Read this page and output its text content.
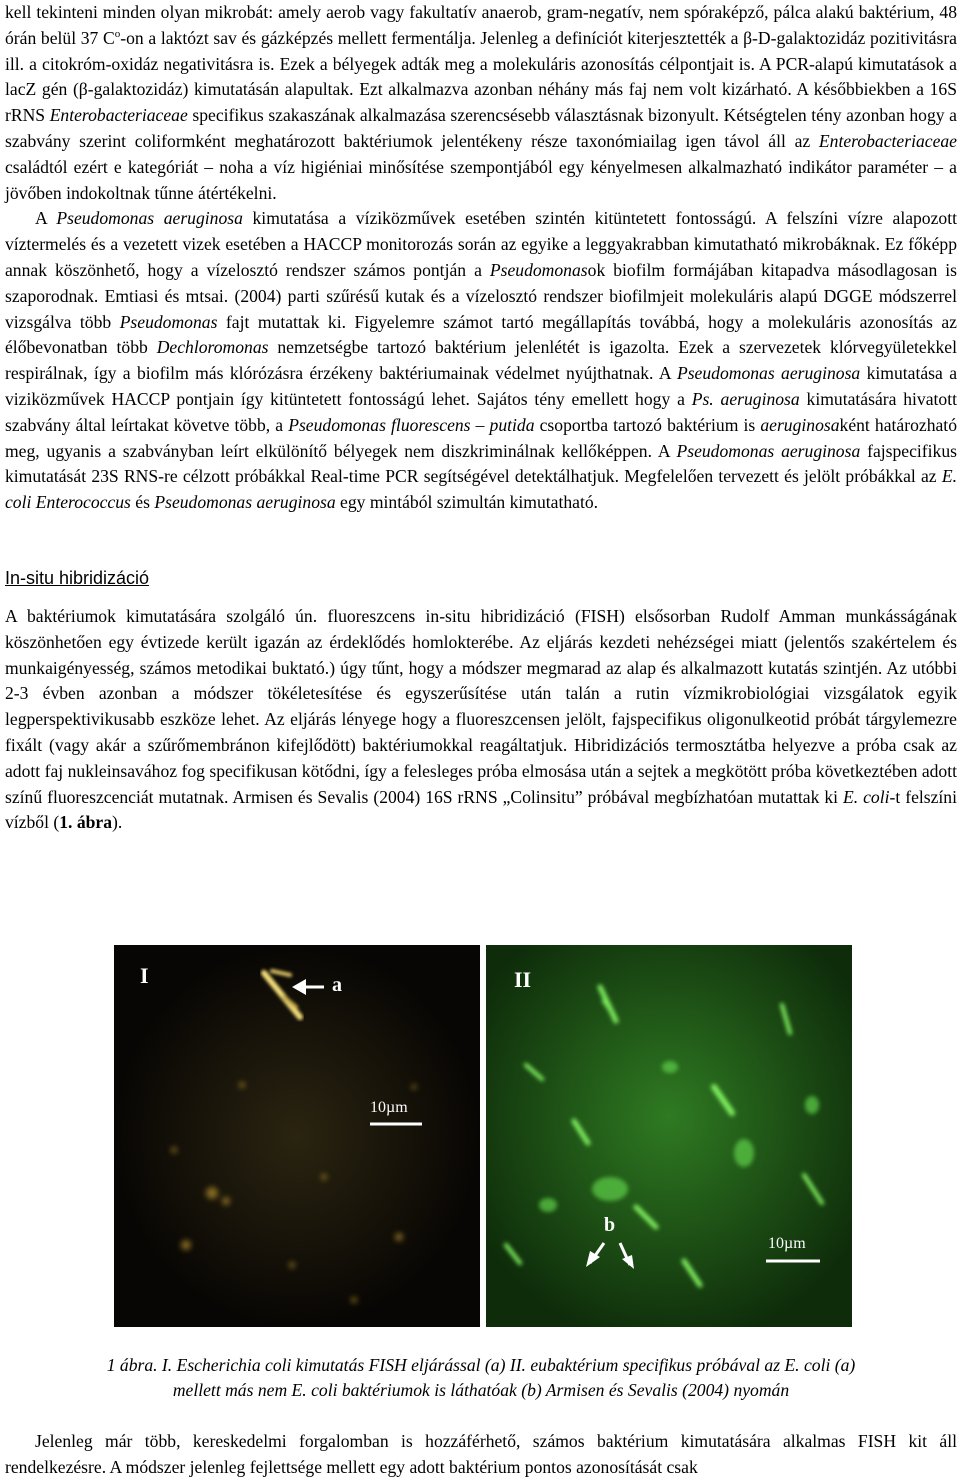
kell tekinteni minden olyan mikrobát: amely aerob vagy fakultatív anaerob, gram-negatív, nem spóraképző, pálca alakú baktérium, 48 órán belül 37 $C^o-on$ a laktózt sav és gázképzés mellett fermentálja. Jelenleg a definíciót kiterjesztették a β-D-galaktozidáz pozitivitásra ill. a citokróm-oxidáz negativitásra is. Ezek a bélyegek adták meg a molekuláris azonosítás célpontjait is. A PCR-alapú kimutatások a lacZ gén (β-galaktozidáz) kimutatásán alapultak. Ezt alkalmazva azonban néhány más faj nem volt kizárható. A későbbiekben a 16S rRNS Enterobacteriaceae specifikus szakaszának alkalmazása szerencsésebb választásnak bizonyult. Kétségtelen tény azonban hogy a szabvány szerint coliformként meghatározott baktériumok jelentékeny része taxonómiailag igen távol áll az Enterobacteriaceae családtól ezért e kategóriát – noha a víz higiéniai minősítése szempontjából egy kényelmesen alkalmazható indikátor paraméter – a jövőben indokoltnak tűnne átértékelni.

A Pseudomonas aeruginosa kimutatása a víziközművek esetében szintén kitüntetett fontosságú. A felszíni vízre alapozott víztermelés és a vezetett vizek esetében a HACCP monitorozás során az egyike a leggyakrabban kimutatható mikrobáknak. Ez főképp annak köszönhető, hogy a vízelosztó rendszer számos pontján a Pseudomonasok biofilm formájában kitapadva másodlagosan is szaporodnak. Emtiasi és mtsai. (2004) parti szűrésű kutak és a vízelosztó rendszer biofilmjeit molekuláris alapú DGGE módszerrel vizsgálva több Pseudomonas fajt mutattak ki. Figyelemre számot tartó megállapítás továbbá, hogy a molekuláris azonosítás az élőbevonatban több Dechloromonas nemzetségbe tartozó baktérium jelenlétét is igazolta. Ezek a szervezetek klórvegyületekkel respirálnak, így a biofilm más klórózásra érzékeny baktériumainak védelmet nyújthatnak. A Pseudomonas aeruginosa kimutatása a viziközművek HACCP pontjain így kitüntetett fontosságú lehet. Sajátos tény emellett hogy a Ps. aeruginosa kimutatására hivatott szabvány által leírtakat követve több, a Pseudomonas fluorescens – putida csoportba tartozó baktérium is aeruginosaként határozható meg, ugyanis a szabványban leírt elkülönítő bélyegek nem diszkriminálnak kellőképpen. A Pseudomonas aeruginosa fajspecifikus kimutatását 23S RNS-re célzott próbákkal Real-time PCR segítségével detektálhatjuk. Megfelelően tervezett és jelölt próbákkal az E. coli Enterococcus és Pseudomonas aeruginosa egy mintából szimultán kimutatható.

In-situ hibridizáció

A baktériumok kimutatására szolgáló ún. fluoreszcens in-situ hibridizáció (FISH) elsősorban Rudolf Amman munkásságának köszönhetően egy évtizede került igazán az érdeklődés homlokterébe. Az eljárás kezdeti nehézségei miatt (jelentős szakértelem és munkaigényesség, számos metodikai buktató.) úgy tűnt, hogy a módszer megmarad az alap és alkalmazott kutatás szintjén. Az utóbbi 2-3 évben azonban a módszer tökéletesítése és egyszerűsítése után talán a rutin vízmikrobiológiai vizsgálatok egyik legperspektivikusabb eszköze lehet. Az eljárás lényege hogy a fluoreszcensen jelölt, fajspecifikus oligonulkeotid próbát tárgylemezre fixált (vagy akár a szűrőmembránon kifejlődött) baktériumokkal reagáltatjuk. Hibridizációs termosztátba helyezve a próba csak az adott faj nukleinsavához fog specifikusan kötődni, így a felesleges próba elmosása után a sejtek a megkötött próba következtében adott színű fluoreszcenciát mutatnak. Armisen és Sevalis (2004) 16S rRNS „Colinsitu” próbával megbízhatóan mutattak ki E. coli-t felszíni vízből (1. ábra).

I	a
10µm
II
b
10µm
1 ábra. I. Escherichia coli kimutatás FISH eljárással (a) II. eubaktérium specifikus próbával az E. coli (a)
mellett más nem E. coli baktériumok is láthatóak (b) Armisen és Sevalis (2004) nyomán

Jelenleg már több, kereskedelmi forgalomban is hozzáférhető, számos baktérium kimutatására alkalmas FISH kit áll rendelkezésre. A módszer jelenleg fejlettsége mellett egy adott baktérium pontos azonosítását csak
